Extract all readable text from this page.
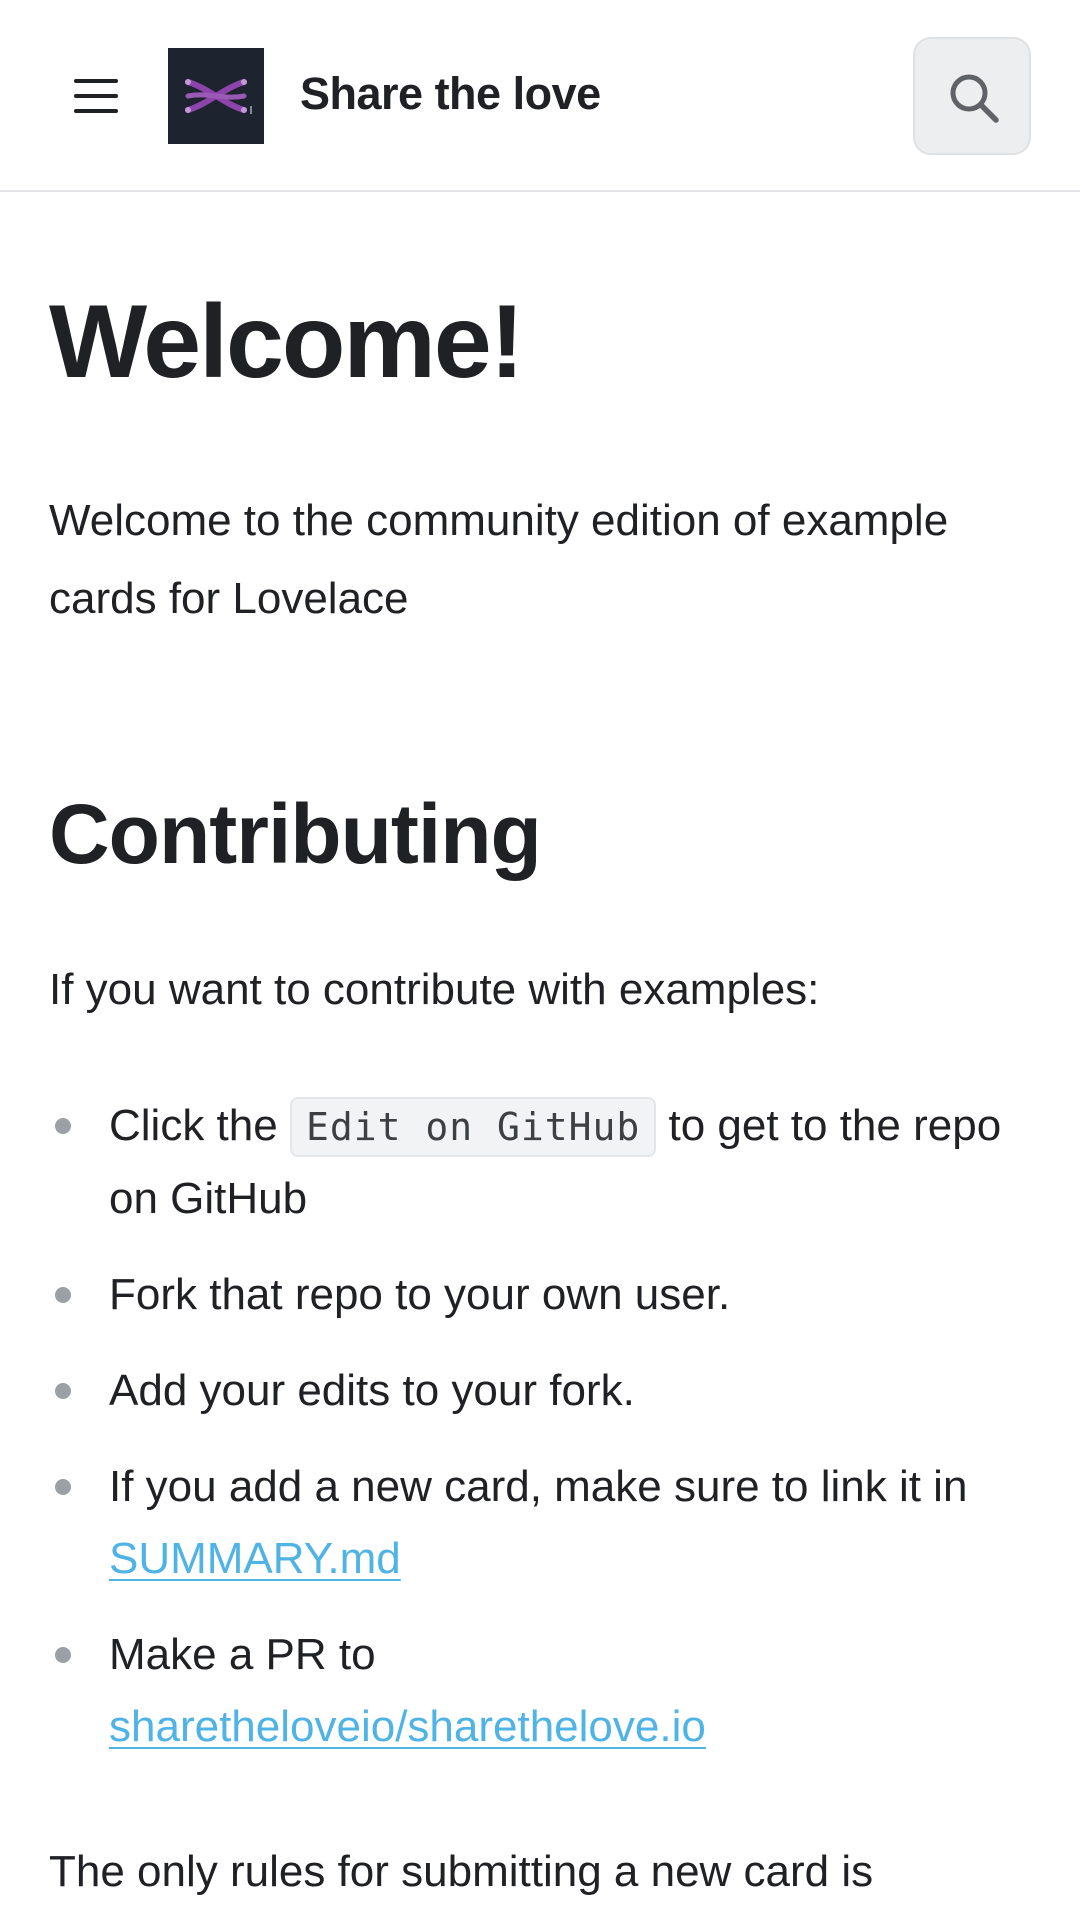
Share the love
Welcome!

Welcome to the community edition of example cards for Lovelace

Contributing

If you want to contribute with examples:

Click the Edit on GitHub to get to the repo on GitHub
Fork that repo to your own user.
Add your edits to your fork.
If you add a new card, make sure to link it in SUMMARY.md
Make a PR to
sharetheloveio/sharethelove.io

The only rules for submitting a new card is
